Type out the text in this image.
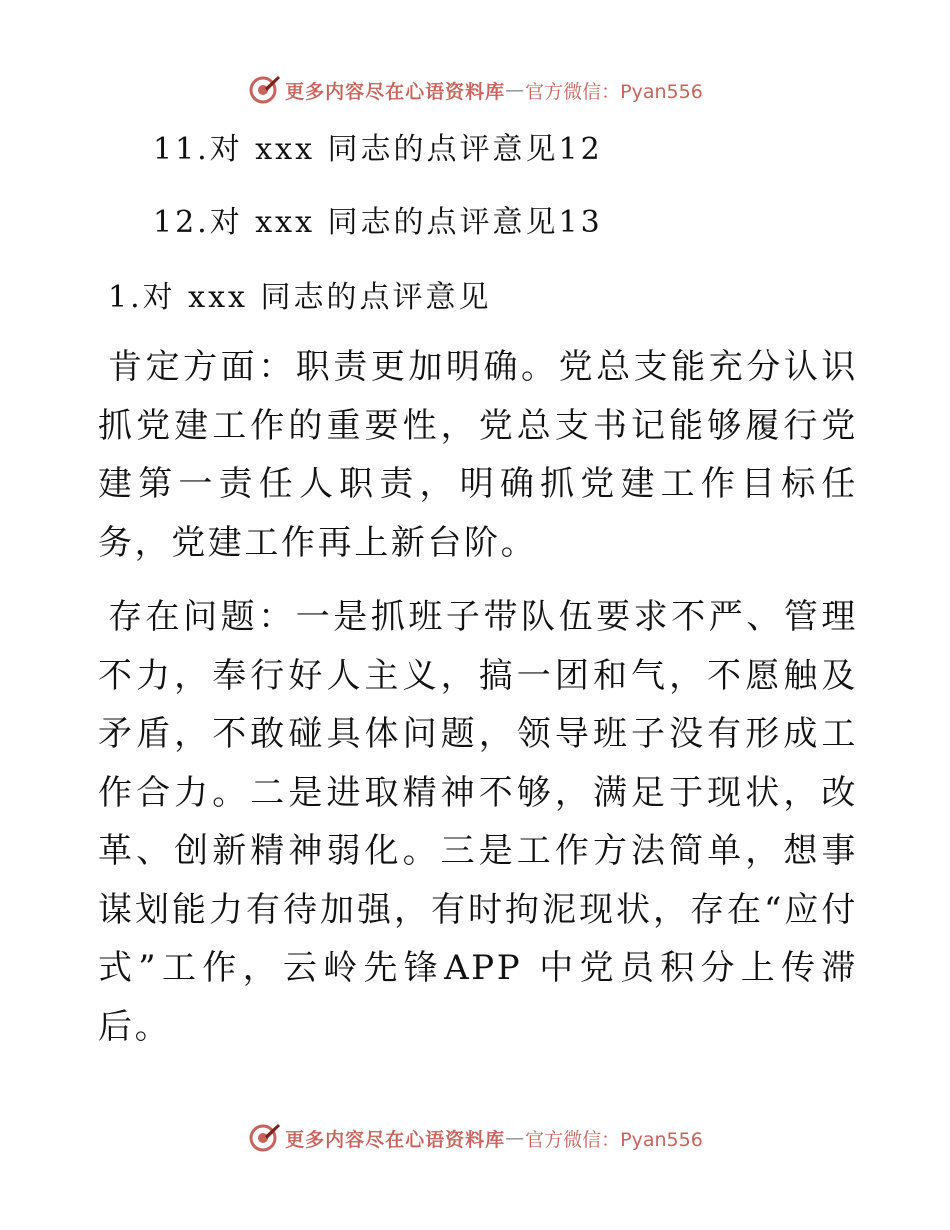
更多内容尽在心语资料库 — 官方微信：Pyan556
11.对 xxx 同志的点评意见12
12.对 xxx 同志的点评意见13
1.对 xxx 同志的点评意见

肯定方面：职责更加明确。党总支能充分认识抓党建工作的重要性，党总支书记能够履行党建第一责任人职责，明确抓党建工作目标任务，党建工作再上新台阶。

存在问题：一是抓班子带队伍要求不严、管理不力，奉行好人主义，搞一团和气，不愿触及矛盾，不敢碰具体问题，领导班子没有形成工作合力。二是进取精神不够，满足于现状，改革、创新精神弱化。三是工作方法简单，想事谋划能力有待加强，有时拘泥现状，存在“应付式”工作，云岭先锋APP 中党员积分上传滞后。

更多内容尽在心语资料库 — 官方微信：Pyan556
